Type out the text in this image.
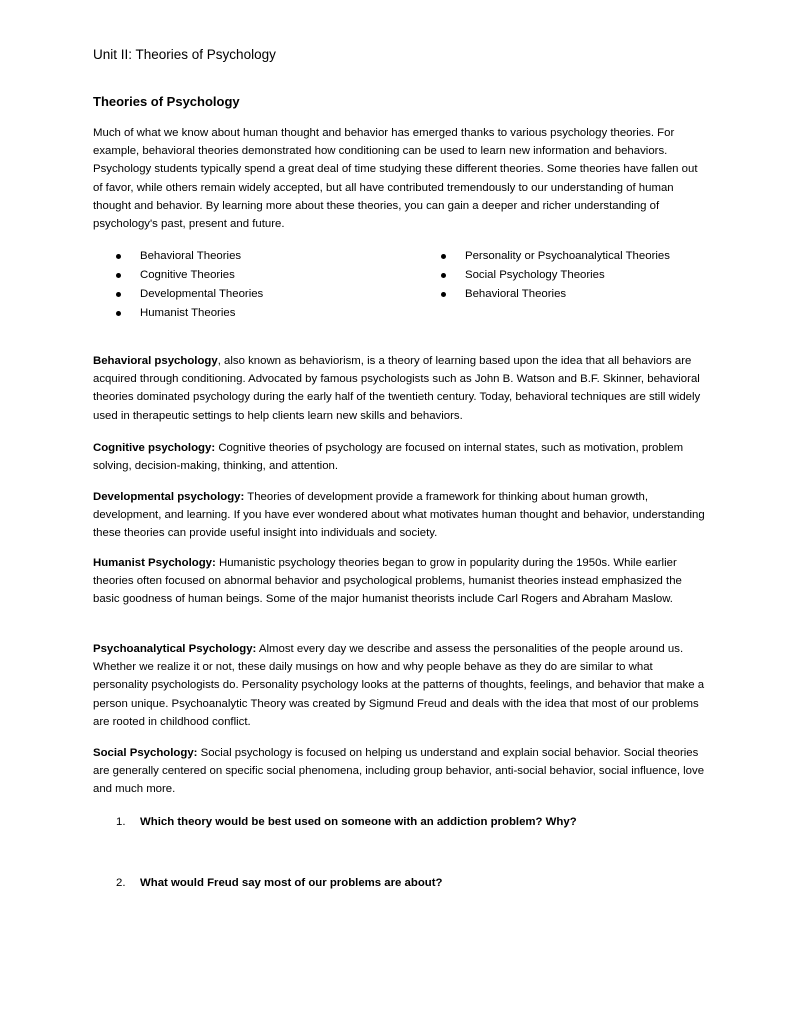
Unit II: Theories of Psychology
Theories of Psychology
Much of what we know about human thought and behavior has emerged thanks to various psychology theories. For example, behavioral theories demonstrated how conditioning can be used to learn new information and behaviors. Psychology students typically spend a great deal of time studying these different theories. Some theories have fallen out of favor, while others remain widely accepted, but all have contributed tremendously to our understanding of human thought and behavior. By learning more about these theories, you can gain a deeper and richer understanding of psychology's past, present and future.
Behavioral Theories
Cognitive Theories
Developmental Theories
Humanist Theories
Personality or Psychoanalytical Theories
Social Psychology Theories
Behavioral Theories
Behavioral psychology, also known as behaviorism, is a theory of learning based upon the idea that all behaviors are acquired through conditioning. Advocated by famous psychologists such as John B. Watson and B.F. Skinner, behavioral theories dominated psychology during the early half of the twentieth century. Today, behavioral techniques are still widely used in therapeutic settings to help clients learn new skills and behaviors.
Cognitive psychology: Cognitive theories of psychology are focused on internal states, such as motivation, problem solving, decision-making, thinking, and attention.
Developmental psychology: Theories of development provide a framework for thinking about human growth, development, and learning. If you have ever wondered about what motivates human thought and behavior, understanding these theories can provide useful insight into individuals and society.
Humanist Psychology: Humanistic psychology theories began to grow in popularity during the 1950s. While earlier theories often focused on abnormal behavior and psychological problems, humanist theories instead emphasized the basic goodness of human beings. Some of the major humanist theorists include Carl Rogers and Abraham Maslow.
Psychoanalytical Psychology: Almost every day we describe and assess the personalities of the people around us. Whether we realize it or not, these daily musings on how and why people behave as they do are similar to what personality psychologists do. Personality psychology looks at the patterns of thoughts, feelings, and behavior that make a person unique. Psychoanalytic Theory was created by Sigmund Freud and deals with the idea that most of our problems are rooted in childhood conflict.
Social Psychology: Social psychology is focused on helping us understand and explain social behavior. Social theories are generally centered on specific social phenomena, including group behavior, anti-social behavior, social influence, love and much more.
1. Which theory would be best used on someone with an addiction problem? Why?
2. What would Freud say most of our problems are about?
